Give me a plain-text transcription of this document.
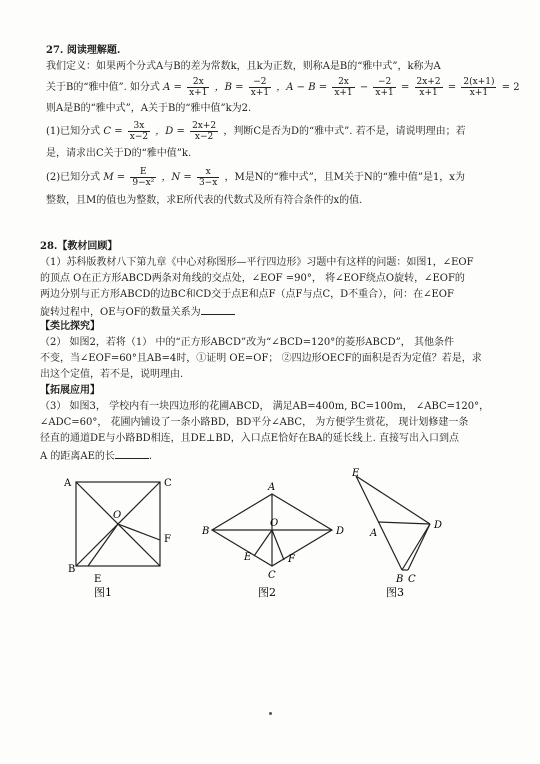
27. 阅读理解题.
我们定义：如果两个分式A与B的差为常数k，且k为正数，则称A是B的“雅中式”，k称为A
关于B的“雅中值”. 如分式 $A = \frac{2x}{x+1}$ ，$B = \frac{-2}{x+1}$ ，$A - B = \frac{2x}{x+1} - \frac{-2}{x+1} = \frac{2x+2}{x+1} = \frac{2(x+1)}{x+1} = 2$
则A是B的“雅中式”，A关于B的“雅中值”k为2.
(1)已知分式 $C = \frac{3x}{x-2}$ ，$D = \frac{2x+2}{x-2}$ ，判断C是否为D的“雅中式”. 若不是，请说明理由；若
是，请求出C关于D的“雅中值”k.
(2)已知分式 $M = \frac{E}{\text{9−x²}}$ ，$N = \frac{x}{3-x}$ ，M是N的“雅中式”，且M关于N的“雅中值”是1，x为
整数，且M的值也为整数，求E所代表的代数式及所有符合条件的x的值.
28.【教材回顾】
（1）苏科版教材八下第九章《中心对称图形—平行四边形》习题中有这样的问题：如图1，∠EOF
的顶点 O在正方形ABCD两条对角线的交点处，∠EOF =90°， 将∠EOF绕点O旋转，∠EOF的
两边分别与正方形ABCD的边BC和CD交于点E和点F（点F与点C，D不重合），问：在∠EOF
旋转过程中，OE与OF的数量关系为
【类比探究】
（2） 如图2，若将（1） 中的“正方形ABCD”改为“∠BCD=120°的菱形ABCD”， 其他条件
不变，当∠EOF=60°且AB=4时，①证明 OE=OF； ②四边形OECF的面积是否为定值？若是，求
出这个定值，若不是，说明理由.
【拓展应用】
（3） 如图3， 学校内有一块四边形的花圃ABCD， 满足AB=400m, BC=100m， ∠ABC=120°，
∠ADC=60°， 花圃内铺设了一条小路BD，BD平分∠ABC， 为方便学生赏花， 现计划修建一条
径直的通道DE与小路BD相连，且DE⊥BD，入口点E恰好在BA的延长线上. 直接写出入口到点
A 的距离AE的长	.
A	C
O
F
B
E
图1
A
B	D
O
E	F
C
图2
E
A
D
B C
图3
